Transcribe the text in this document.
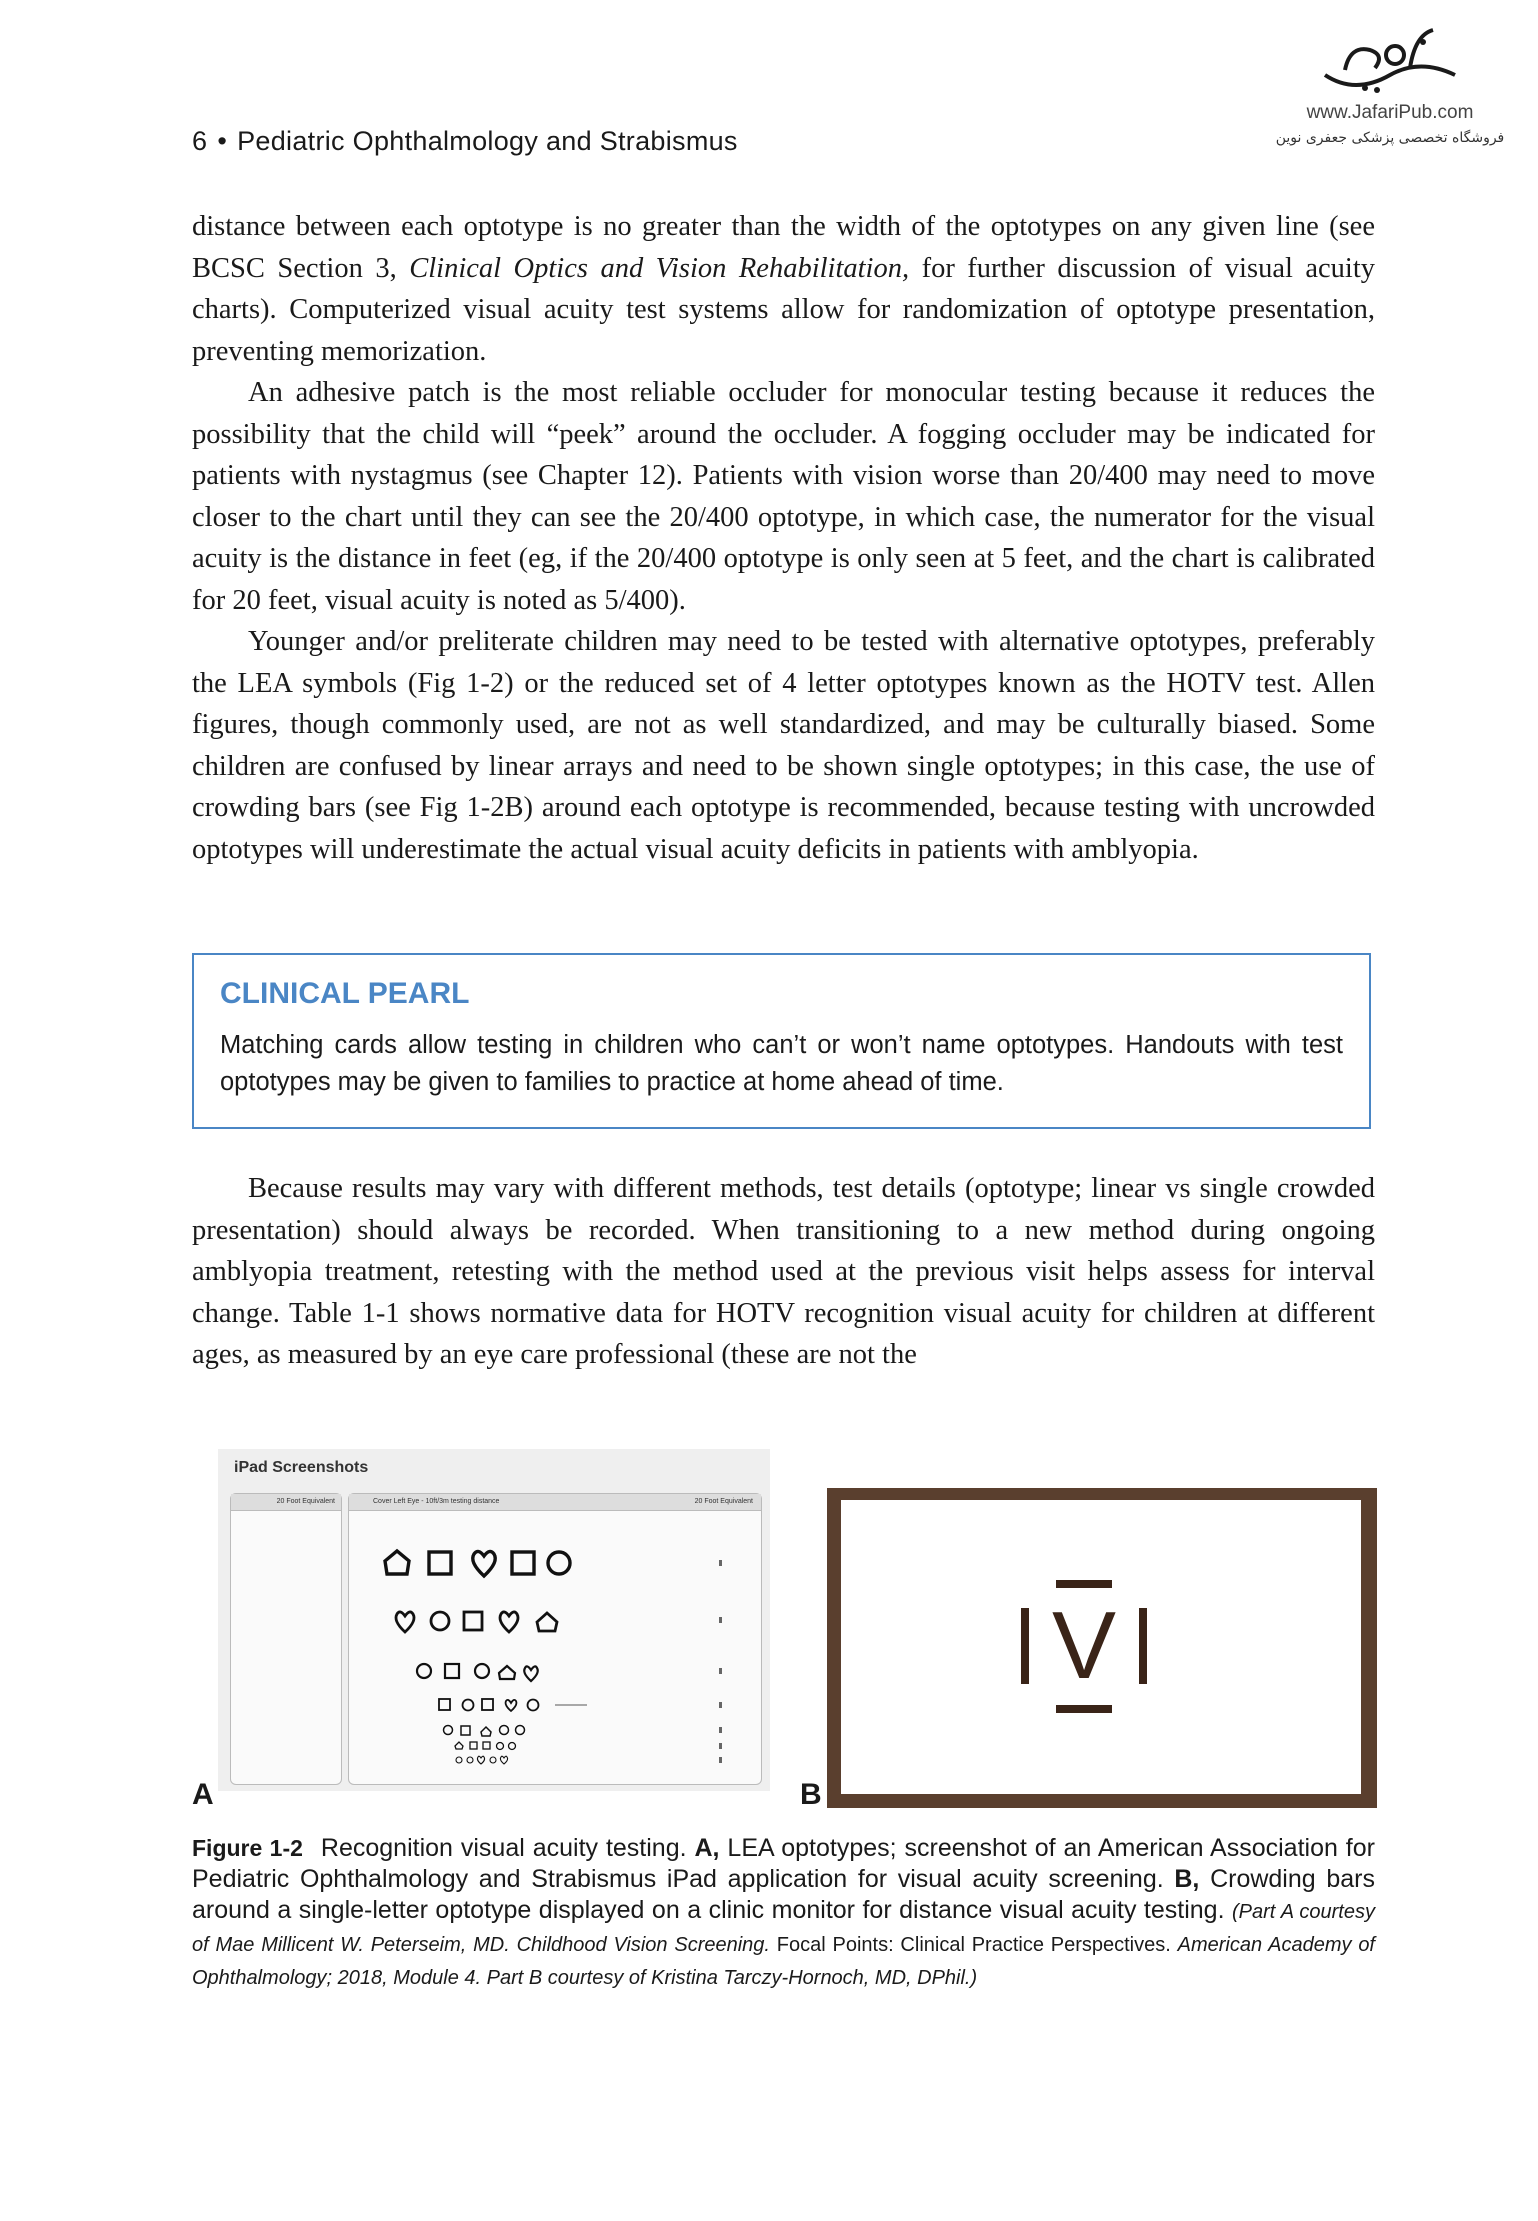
www.JafariPub.com
فروشگاه تخصصی پزشکی جعفری نوین
6 • Pediatric Ophthalmology and Strabismus

distance between each optotype is no greater than the width of the optotypes on any given line (see BCSC Section 3, Clinical Optics and Vision Rehabilitation, for further discussion of visual acuity charts). Computerized visual acuity test systems allow for randomization of optotype presentation, preventing memorization.

An adhesive patch is the most reliable occluder for monocular testing because it reduces the possibility that the child will “peek” around the occluder. A fogging occluder may be indicated for patients with nystagmus (see Chapter 12). Patients with vision worse than 20/400 may need to move closer to the chart until they can see the 20/400 optotype, in which case, the numerator for the visual acuity is the distance in feet (eg, if the 20/400 optotype is only seen at 5 feet, and the chart is calibrated for 20 feet, visual acuity is noted as 5/400).

Younger and/or preliterate children may need to be tested with alternative optotypes, preferably the LEA symbols (Fig 1-2) or the reduced set of 4 letter optotypes known as the HOTV test. Allen figures, though commonly used, are not as well standardized, and may be culturally biased. Some children are confused by linear arrays and need to be shown single optotypes; in this case, the use of crowding bars (see Fig 1-2B) around each optotype is recommended, because testing with uncrowded optotypes will underestimate the actual visual acuity deficits in patients with amblyopia.

CLINICAL PEARL

Matching cards allow testing in children who can’t or won’t name optotypes. Handouts with test optotypes may be given to families to practice at home ahead of time.

Because results may vary with different methods, test details (optotype; linear vs single crowded presentation) should always be recorded. When transitioning to a new method during ongoing amblyopia treatment, retesting with the method used at the previous visit helps assess for interval change. Table 1-1 shows normative data for HOTV recognition visual acuity for children at different ages, as measured by an eye care professional (these are not the

iPad Screenshots
20 Foot Equivalent	Cover Left Eye - 10ft/3m testing distance	20 Foot Equivalent
A
V
B
Figure 1-2 Recognition visual acuity testing. A, LEA optotypes; screenshot of an American Association for Pediatric Ophthalmology and Strabismus iPad application for visual acuity screening. B, Crowding bars around a single-letter optotype displayed on a clinic monitor for distance visual acuity testing. (Part A courtesy of Mae Millicent W. Peterseim, MD. Childhood Vision Screening. Focal Points: Clinical Practice Perspectives. American Academy of Ophthalmology; 2018, Module 4. Part B courtesy of Kristina Tarczy-Hornoch, MD, DPhil.)
